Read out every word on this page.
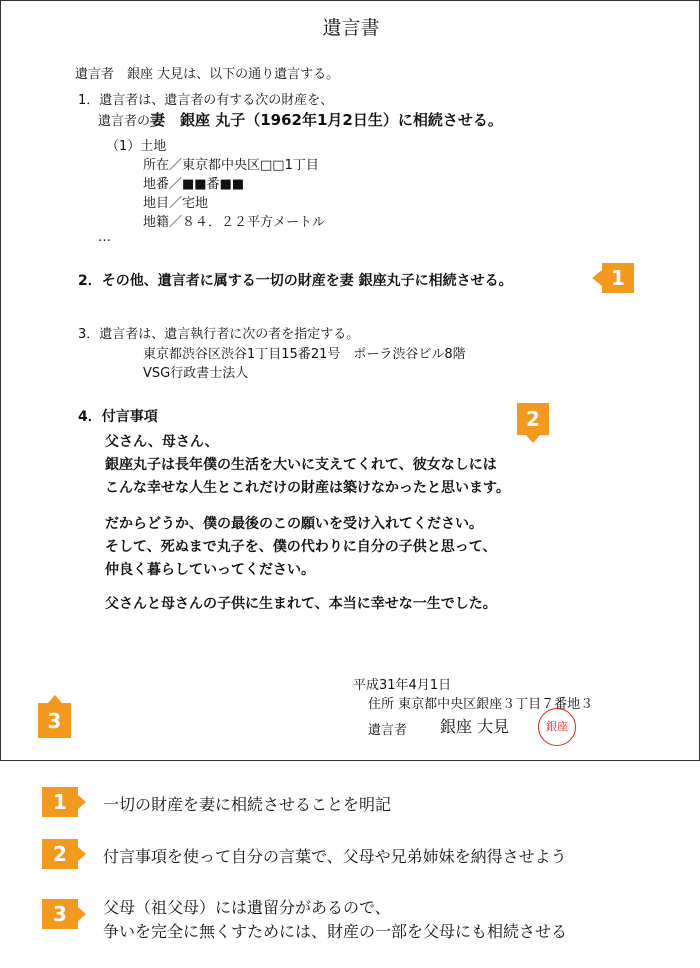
遺言書
遺言者　銀座 大見は、以下の通り遺言する。
1．遺言者は、遺言者の有する次の財産を、
遺言者の妻　銀座 丸子（1962年1月2日生）に相続させる。
（1）土地
所在／東京都中央区□□1丁目
地番／■■番■■
地目／宅地
地籍／８４．２２平方メートル
…
2．その他、遺言者に属する一切の財産を妻 銀座丸子に相続させる。	1
3．遺言者は、遺言執行者に次の者を指定する。
東京都渋谷区渋谷1丁目15番21号　ポーラ渋谷ビル8階
VSG行政書士法人
4．付言事項	2
父さん、母さん、
銀座丸子は長年僕の生活を大いに支えてくれて、彼女なしには
こんな幸せな人生とこれだけの財産は築けなかったと思います。
だからどうか、僕の最後のこの願いを受け入れてください。
そして、死ぬまで丸子を、僕の代わりに自分の子供と思って、
仲良く暮らしていってください。
父さんと母さんの子供に生まれて、本当に幸せな一生でした。
平成31年4月1日
住所 東京都中央区銀座３丁目７番地３
遺言者 銀座 大見	銀座
3
1	一切の財産を妻に相続させることを明記
2	付言事項を使って自分の言葉で、父母や兄弟姉妹を納得させよう
3	父母（祖父母）には遺留分があるので、
争いを完全に無くすためには、財産の一部を父母にも相続させる
